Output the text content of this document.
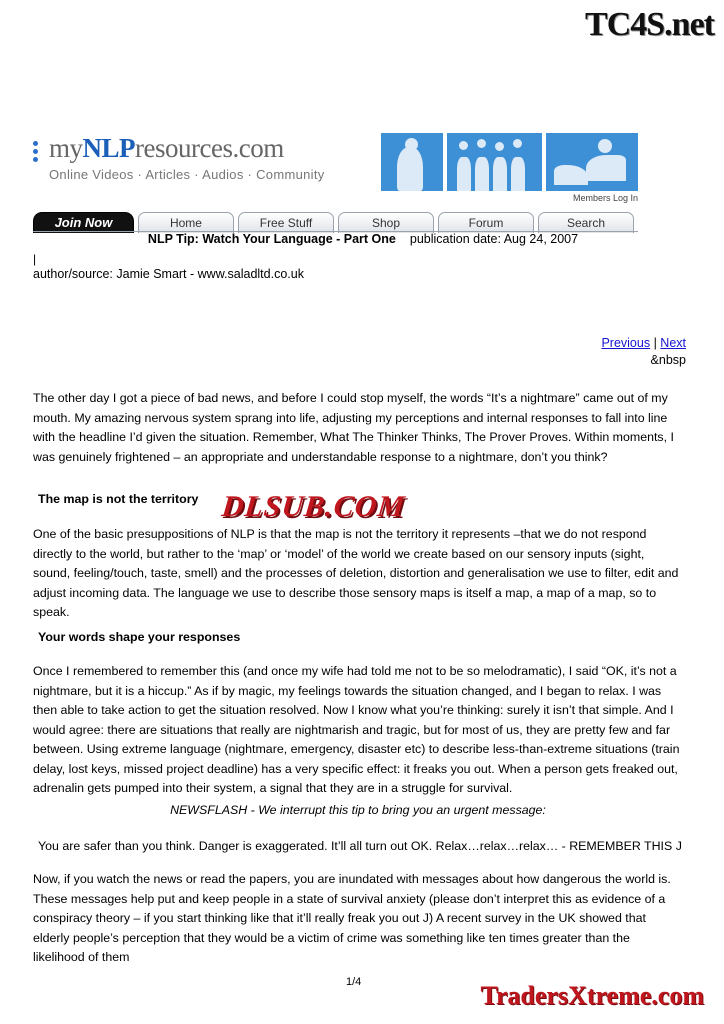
TC4S.net
myNLPresources.com
Online Videos · Articles · Audios · Community
Members Log In
Join Now	Home	Free Stuff	Shop	Forum	Search
NLP Tip: Watch Your Language - Part One publication date: Aug 24, 2007
|
author/source: Jamie Smart - www.saladltd.co.uk
Previous | Next
&nbsp

The other day I got a piece of bad news, and before I could stop myself, the words “It’s a nightmare” came out of my mouth. My amazing nervous system sprang into life, adjusting my perceptions and internal responses to fall into line with the headline I’d given the situation. Remember, What The Thinker Thinks, The Prover Proves. Within moments, I was genuinely frightened – an appropriate and understandable response to a nightmare, don’t you think?

The map is not the territory DLSUB.COM

One of the basic presuppositions of NLP is that the map is not the territory it represents –that we do not respond directly to the world, but rather to the ‘map’ or ‘model’ of the world we create based on our sensory inputs (sight, sound, feeling/touch, taste, smell) and the processes of deletion, distortion and generalisation we use to filter, edit and adjust incoming data. The language we use to describe those sensory maps is itself a map, a map of a map, so to speak.

Your words shape your responses

Once I remembered to remember this (and once my wife had told me not to be so melodramatic), I said “OK, it’s not a nightmare, but it is a hiccup.” As if by magic, my feelings towards the situation changed, and I began to relax. I was then able to take action to get the situation resolved. Now I know what you’re thinking: surely it isn’t that simple. And I would agree: there are situations that really are nightmarish and tragic, but for most of us, they are pretty few and far between. Using extreme language (nightmare, emergency, disaster etc) to describe less-than-extreme situations (train delay, lost keys, missed project deadline) has a very specific effect: it freaks you out. When a person gets freaked out, adrenalin gets pumped into their system, a signal that they are in a struggle for survival.

NEWSFLASH - We interrupt this tip to bring you an urgent message:

You are safer than you think. Danger is exaggerated. It’ll all turn out OK. Relax…relax…relax… - REMEMBER THIS J

Now, if you watch the news or read the papers, you are inundated with messages about how dangerous the world is. These messages help put and keep people in a state of survival anxiety (please don’t interpret this as evidence of a conspiracy theory – if you start thinking like that it’ll really freak you out J) A recent survey in the UK showed that elderly people’s perception that they would be a victim of crime was something like ten times greater than the likelihood of them

1/4	TradersXtreme.com
